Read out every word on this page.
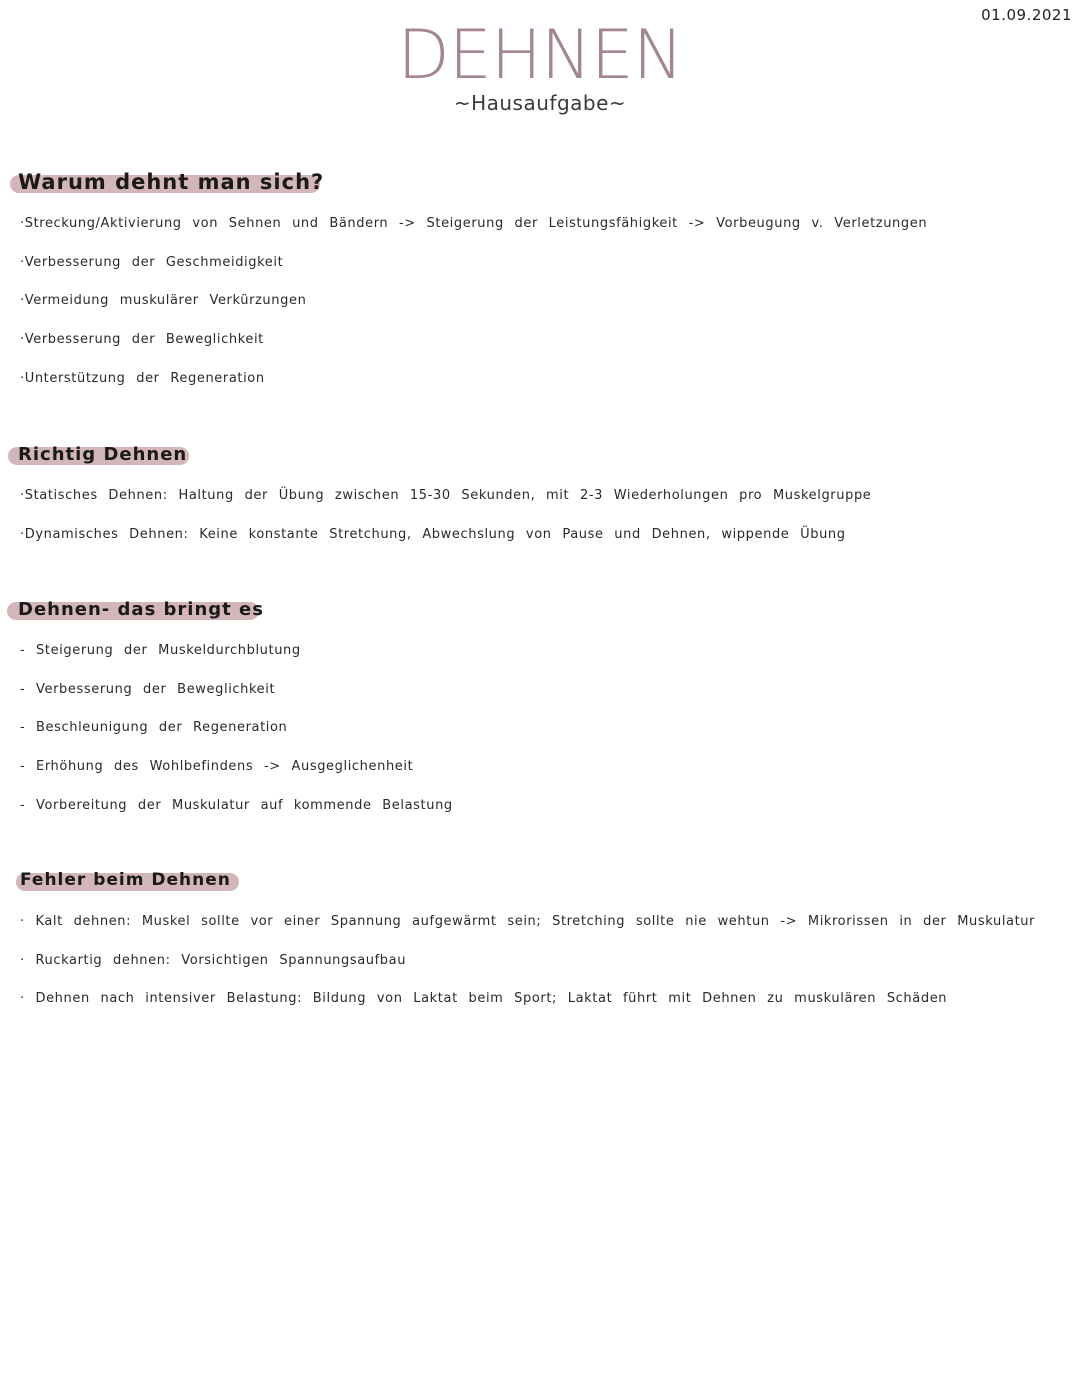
01.09.2021
DEHNEN
~Hausaufgabe~
Warum dehnt man sich?
·Streckung/Aktivierung von Sehnen und Bändern -> Steigerung der Leistungsfähigkeit -> Vorbeugung v. Verletzungen
·Verbesserung der Geschmeidigkeit
·Vermeidung muskulärer Verkürzungen
·Verbesserung der Beweglichkeit
·Unterstützung der Regeneration
Richtig Dehnen
·Statisches Dehnen: Haltung der Übung zwischen 15-30 Sekunden, mit 2-3 Wiederholungen pro Muskelgruppe
·Dynamisches Dehnen: Keine konstante Stretchung, Abwechslung von Pause und Dehnen, wippende Übung
Dehnen- das bringt es
- Steigerung der Muskeldurchblutung
- Verbesserung der Beweglichkeit
- Beschleunigung der Regeneration
- Erhöhung des Wohlbefindens -> Ausgeglichenheit
- Vorbereitung der Muskulatur auf kommende Belastung
Fehler beim Dehnen
· Kalt dehnen: Muskel sollte vor einer Spannung aufgewärmt sein; Stretching sollte nie wehtun -> Mikrorissen in der Muskulatur
· Ruckartig dehnen: Vorsichtigen Spannungsaufbau
· Dehnen nach intensiver Belastung: Bildung von Laktat beim Sport; Laktat führt mit Dehnen zu muskulären Schäden
